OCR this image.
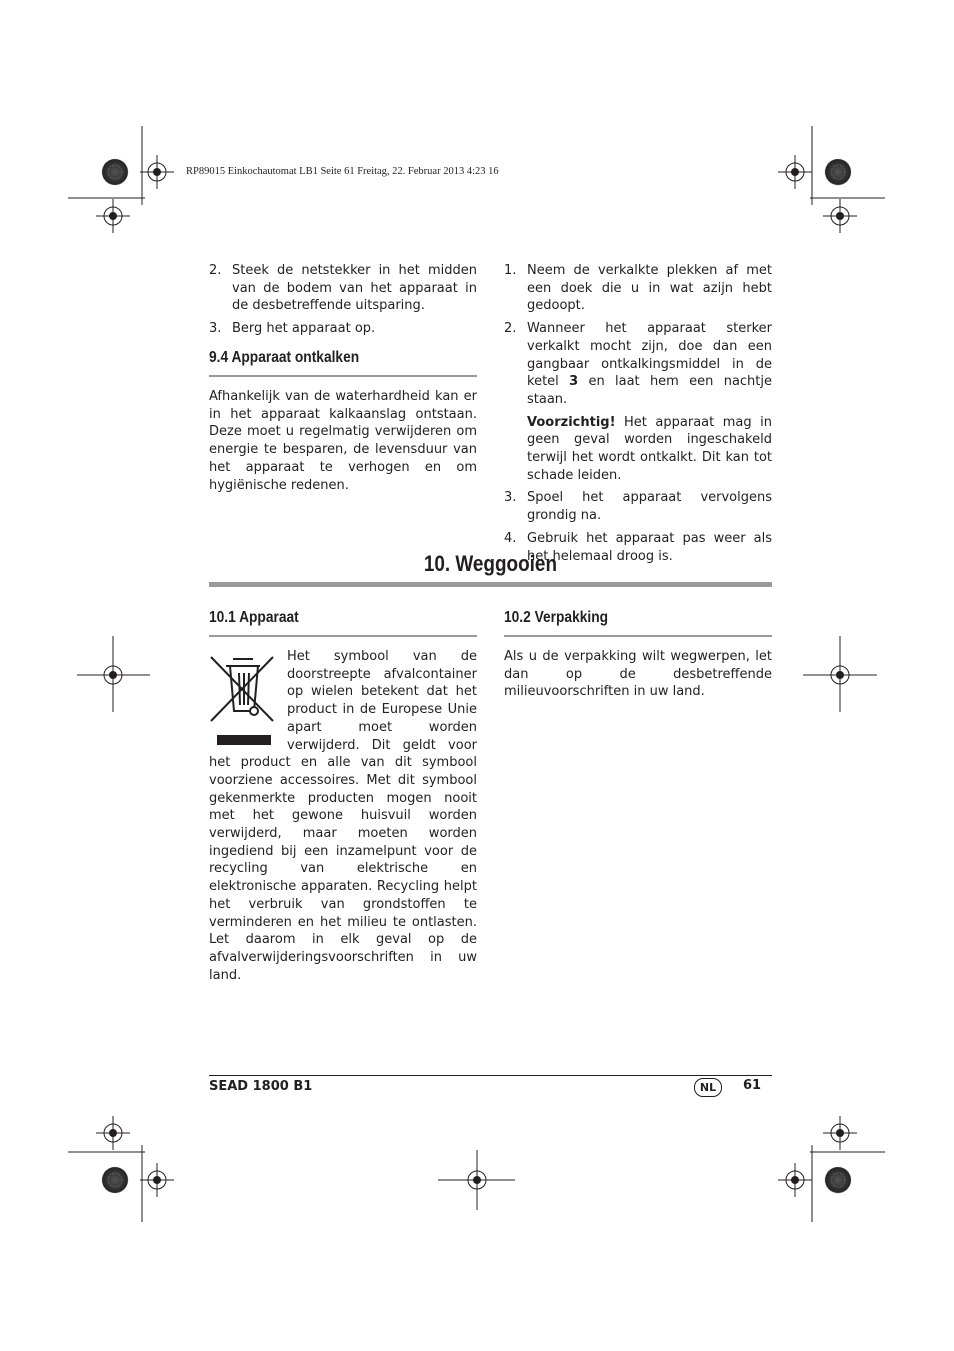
RP89015 Einkochautomat LB1 Seite 61 Freitag, 22. Februar 2013 4:23 16
2. Steek de netstekker in het midden van de bodem van het apparaat in de desbetreffende uitsparing.

3. Berg het apparaat op.

9.4 Apparaat ontkalken

Afhankelijk van de waterhardheid kan er in het apparaat kalkaanslag ontstaan. Deze moet u regelmatig verwijderen om energie te besparen, de levensduur van het apparaat te verhogen en om hygiënische redenen.

1. Neem de verkalkte plekken af met een doek die u in wat azijn hebt gedoopt.

2. Wanneer het apparaat sterker verkalkt mocht zijn, doe dan een gangbaar ontkalkingsmiddel in de ketel 3 en laat hem een nachtje staan.

Voorzichtig! Het apparaat mag in geen geval worden ingeschakeld terwijl het wordt ontkalkt. Dit kan tot schade leiden.

3. Spoel het apparaat vervolgens grondig na.

4. Gebruik het apparaat pas weer als het helemaal droog is.

10. Weggooien
10.1 Apparaat

Het symbool van de doorstreepte afvalcontainer op wielen betekent dat het product in de Europese Unie apart moet worden verwijderd. Dit geldt voor het product en alle van dit symbool voorziene accessoires. Met dit symbool gekenmerkte producten mogen nooit met het gewone huisvuil worden verwijderd, maar moeten worden ingediend bij een inzamelpunt voor de recycling van elektrische en elektronische apparaten. Recycling helpt het verbruik van grondstoffen te verminderen en het milieu te ontlasten. Let daarom in elk geval op de afvalverwijderingsvoorschriften in uw land.

10.2 Verpakking

Als u de verpakking wilt wegwerpen, let dan op de desbetreffende milieuvoorschriften in uw land.

SEAD 1800 B1	NL	61
